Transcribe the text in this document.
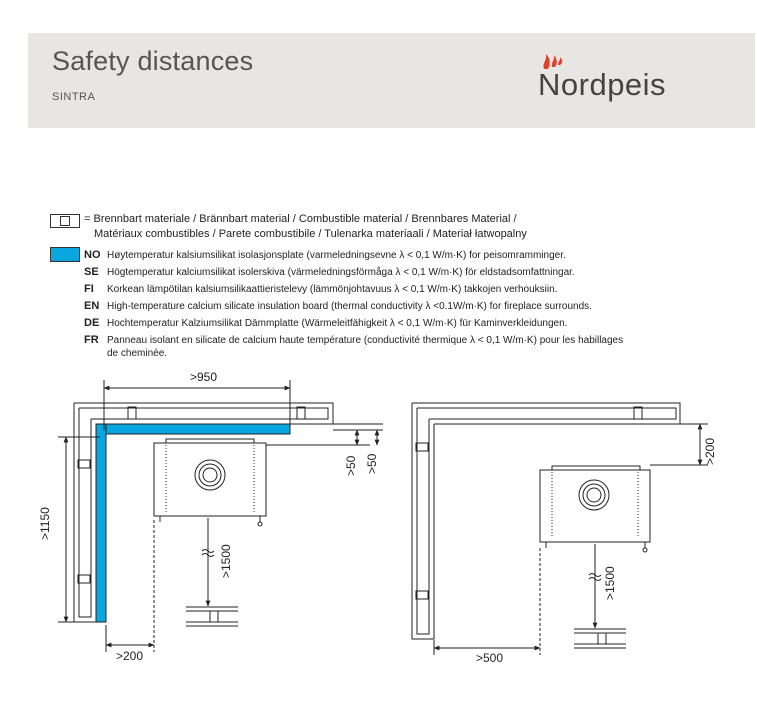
Safety distances
SINTRA	Nordpeis
= Brennbart materiale / Brännbart material / Combustible material / Brennbares Material /
Matériaux combustibles / Parete combustibile / Tulenarka materiaali / Materiał łatwopalny
NO Høytemperatur kalsiumsilikat isolasjonsplate (varmeledningsevne λ < 0,1 W/m·K) for peisomramminger.
SE Högtemperatur kalciumsilikat isolerskiva (värmeledningsförmåga λ < 0,1 W/m·K) för eldstadsomfattningar.
FI Korkean lämpötilan kalsiumsilikaattieristelevy (lämmönjohtavuus λ < 0,1 W/m·K) takkojen verhouksiin.
EN High-temperature calcium silicate insulation board (thermal conductivity λ <0.1W/m·K) for fireplace surrounds.
DE Hochtemperatur Kalziumsilikat Dämmplatte (Wärmeleitfähigkeit λ < 0,1 W/m·K) für Kaminverkleidungen.
FR Panneau isolant en silicate de calcium haute température (conductivité thermique λ < 0,1 W/m·K) pour les habillages
de cheminée.
>950
>1150
>200
>50 >50
>1500
>200
>500
>1500
